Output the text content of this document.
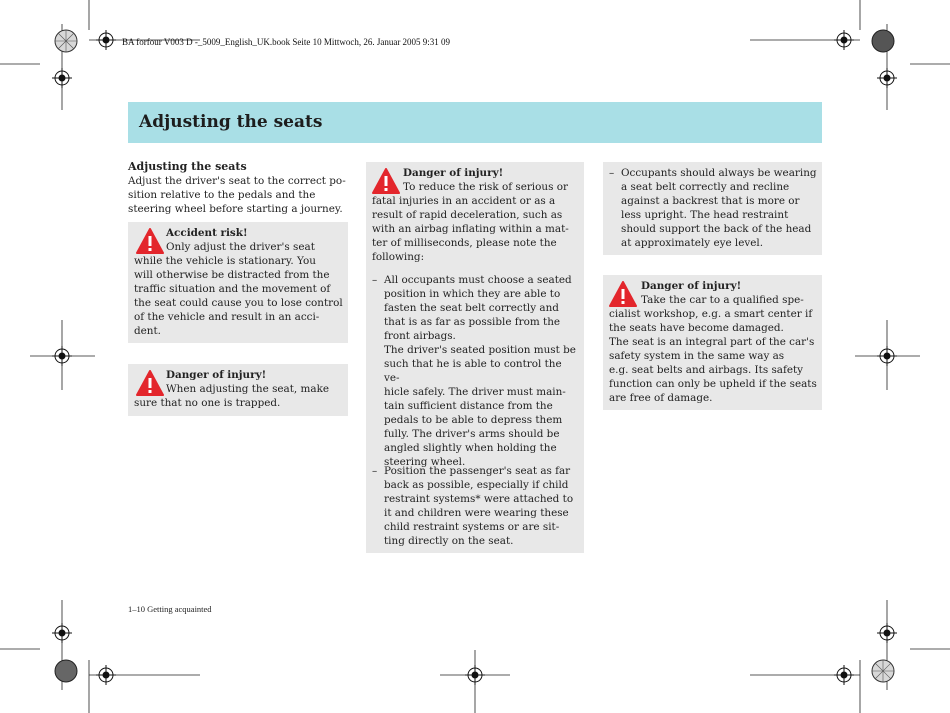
BA forfour V003 D -_5009_English_UK.book Seite 10 Mittwoch, 26. Januar 2005 9:31 09
Adjusting the seats
Adjusting the seats
Adjust the driver's seat to the correct po-
sition relative to the pedals and the
steering wheel before starting a journey.
Accident risk!
Only adjust the driver's seat
while the vehicle is stationary. You
will otherwise be distracted from the
traffic situation and the movement of
the seat could cause you to lose control
of the vehicle and result in an acci-
dent.
Danger of injury!
When adjusting the seat, make
sure that no one is trapped.
Danger of injury!
To reduce the risk of serious or
fatal injuries in an accident or as a
result of rapid deceleration, such as
with an airbag inflating within a mat-
ter of milliseconds, please note the
following:
– All occupants must choose a seated
position in which they are able to
fasten the seat belt correctly and
that is as far as possible from the
front airbags.
The driver's seated position must be
such that he is able to control the ve-
hicle safely. The driver must main-
tain sufficient distance from the
pedals to be able to depress them
fully. The driver's arms should be
angled slightly when holding the
steering wheel.
– Position the passenger's seat as far
back as possible, especially if child
restraint systems* were attached to
it and children were wearing these
child restraint systems or are sit-
ting directly on the seat.
– Occupants should always be wearing
a seat belt correctly and recline
against a backrest that is more or
less upright. The head restraint
should support the back of the head
at approximately eye level.
Danger of injury!
Take the car to a qualified spe-
cialist workshop, e.g. a smart center if
the seats have become damaged.
The seat is an integral part of the car's
safety system in the same way as
e.g. seat belts and airbags. Its safety
function can only be upheld if the seats
are free of damage.
1–10 Getting acquainted
